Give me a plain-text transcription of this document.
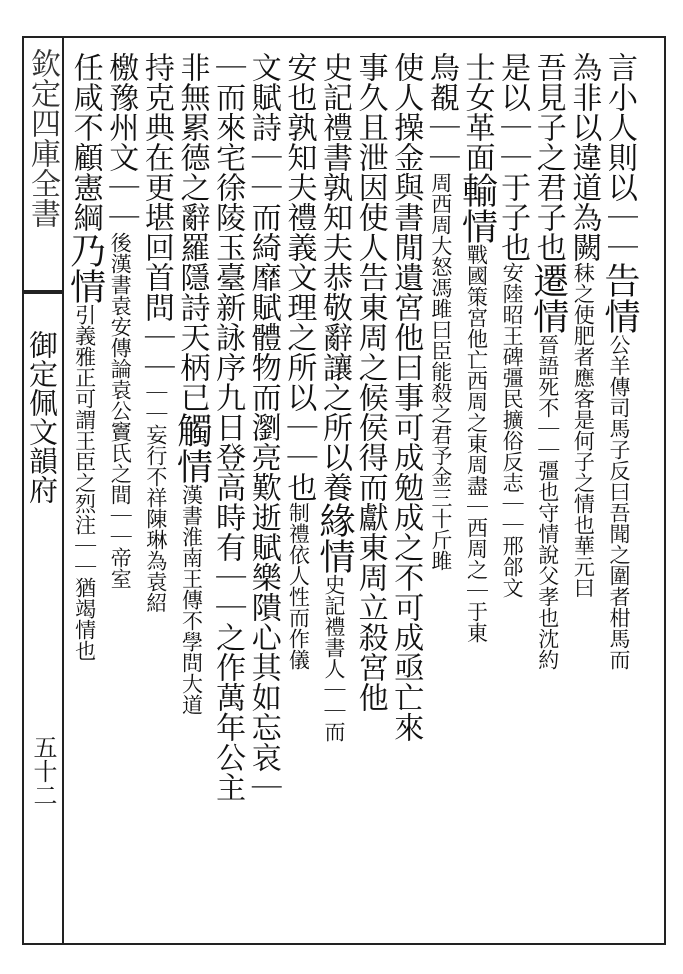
欽定四庫全書
御定佩文韻府
五十二
言小人則以｜｜告情公羊傳司馬子反曰吾聞之圍者柑馬而
為非以違道為闕秣之使肥者應客是何子之情也華元曰
吾見子之君子也遷情晉語死不｜｜彊也守情說父孝也沈約
是以｜｜于子也安陸昭王碑彊民擴俗反志｜｜邢郃文
士女革面輸情戰國策宮他亡西周之東周盡｜西周之｜于東
鳥覩｜｜周西周大怒馮雎曰臣能殺之君予金三十斤雎
使人操金與書閒遺宮他曰事可成勉成之不可成亟亡來
事久且泄因使人告東周之候侯得而獻東周立殺宮他
史記禮書孰知夫恭敬辭讓之所以養緣情史記禮書人｜｜而
安也孰知夫禮義文理之所以｜｜也制禮依人性而作儀
文賦詩｜｜而綺靡賦體物而瀏亮歎逝賦樂隤心其如忘哀｜
｜而來宅徐陵玉臺新詠序九日登高時有｜｜之作萬年公主
非無累德之辭羅隱詩天柄已觸情漢書淮南王傳不學問大道
持克典在更堪回首問｜｜｜｜妄行不祥陳琳為袁紹
檄豫州文｜｜後漢書袁安傳論袁公竇氏之間｜｜帝室
任咸不顧憲綱乃情引義雅正可謂王臣之烈注｜｜猶竭情也
